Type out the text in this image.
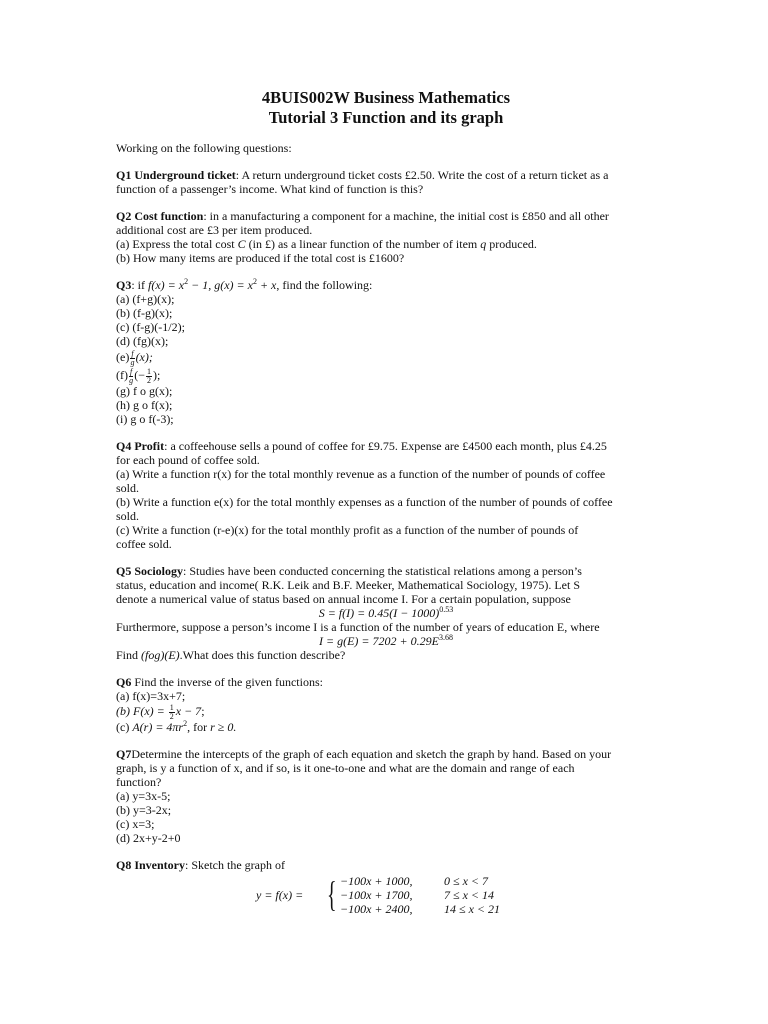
4BUIS002W Business Mathematics

Tutorial 3 Function and its graph

Working on the following questions:

Q1 Underground ticket: A return underground ticket costs £2.50. Write the cost of a return ticket as a

function of a passenger’s income. What kind of function is this?

Q2 Cost function: in a manufacturing a component for a machine, the initial cost is £850 and all other

additional cost are £3 per item produced.

(a) Express the total cost C (in £) as a linear function of the number of item q produced.

(b) How many items are produced if the total cost is £1600?

Q3: if $f(x) = x^2 - 1$, $g(x) = x^2 + x$, find the following:

(a) (f+g)(x);

(b) (f-g)(x);

(c) (f-g)(-1/2);

(d) (fg)(x);

$(e) \frac{f}{g} (x)$;

$(f) \frac{f}{g}$ (− $\frac{1}{2}$ );

(g) f o g(x);

(h) g o f(x);

(i) g o f(-3);

Q4 Profit: a coffeehouse sells a pound of coffee for £9.75. Expense are £4500 each month, plus £4.25

for each pound of coffee sold.

(a) Write a function r(x) for the total monthly revenue as a function of the number of pounds of coffee

sold.

(b) Write a function e(x) for the total monthly expenses as a function of the number of pounds of coffee

sold.

(c) Write a function (r-e)(x) for the total monthly profit as a function of the number of pounds of

coffee sold.

Q5 Sociology: Studies have been conducted concerning the statistical relations among a person’s

status, education and income( R.K. Leik and B.F. Meeker, Mathematical Sociology, 1975). Let S

denote a numerical value of status based on annual income I. For a certain population, suppose

$S = f(I) = 0.45(I - 1000)^{0.53}$

Furthermore, suppose a person’s income I is a function of the number of years of education E, where

$I = g(E) = 7202 + 0.29E^{3.68}$

Find (fog)(E).What does this function describe?

Q6 Find the inverse of the given functions:

(a) f(x)=3x+7;

(b) $F(x) = \frac{1}{2}$ x − 7;

(c) $A(r) = 4\pi r^2$, for r ≥ 0.

Q7Determine the intercepts of the graph of each equation and sketch the graph by hand. Based on your

graph, is y a function of x, and if so, is it one-to-one and what are the domain and range of each

function?

(a) y=3x-5;

(b) y=3-2x;

(c) x=3;

(d) 2x+y-2+0

Q8 Inventory: Sketch the graph of

y = f(x) = { −100x + 1000,	0 ≤ x < 7
−100x + 1700,	7 ≤ x < 14
−100x + 2400,	14 ≤ x < 21
